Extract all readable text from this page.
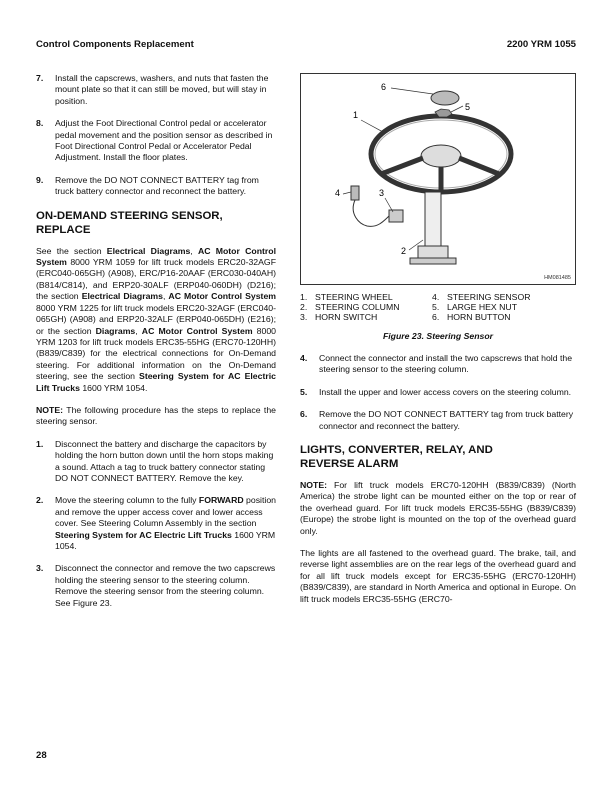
Control Components Replacement	2200 YRM 1055
7. Install the capscrews, washers, and nuts that fasten the mount plate so that it can still be moved, but will stay in position.
8. Adjust the Foot Directional Control pedal or accelerator pedal movement and the position sensor as described in Foot Directional Control Pedal or Accelerator Pedal Adjustment. Install the floor plates.
9. Remove the DO NOT CONNECT BATTERY tag from truck battery connector and reconnect the battery.
ON-DEMAND STEERING SENSOR,
REPLACE

See the section Electrical Diagrams, AC Motor Control System 8000 YRM 1059 for lift truck models ERC20-32AGF (ERC040-065GH) (A908), ERC/P16-20AAF (ERC030-040AH) (B814/C814), and ERP20-30ALF (ERP040-060DH) (D216); the section Electrical Diagrams, AC Motor Control System 8000 YRM 1225 for lift truck models ERC20-32AGF (ERC040-065GH) (A908) and ERP20-32ALF (ERP040-065DH) (E216); or the section Diagrams, AC Motor Control System 8000 YRM 1203 for lift truck models ERC35-55HG (ERC70-120HH) (B839/C839) for the electrical connections for On-Demand steering. For additional information on the On-Demand steering, see the section Steering System for AC Electric Lift Trucks 1600 YRM 1054.

NOTE: The following procedure has the steps to replace the steering sensor.

1. Disconnect the battery and discharge the capacitors by holding the horn button down until the horn stops making a sound. Attach a tag to truck battery connector stating DO NOT CONNECT BATTERY. Remove the key.
2. Move the steering column to the fully FORWARD position and remove the upper access cover and lower access cover. See Steering Column Assembly in the section Steering System for AC Electric Lift Trucks 1600 YRM 1054.
3. Disconnect the connector and remove the two capscrews holding the steering sensor to the steering column. Remove the steering sensor from the steering column. See Figure 23.
1
2
3
4
5
6
HM081485
1. STEERING WHEEL	4. STEERING SENSOR
2. STEERING COLUMN	5. LARGE HEX NUT
3. HORN SWITCH	6. HORN BUTTON
Figure 23. Steering Sensor
4. Connect the connector and install the two capscrews that hold the steering sensor to the steering column.
5. Install the upper and lower access covers on the steering column.
6. Remove the DO NOT CONNECT BATTERY tag from truck battery connector and reconnect the battery.
LIGHTS, CONVERTER, RELAY, AND
REVERSE ALARM

NOTE: For lift truck models ERC70-120HH (B839/C839) (North America) the strobe light can be mounted either on the top or rear of the overhead guard. For lift truck models ERC35-55HG (B839/C839) (Europe) the strobe light is mounted on the top of the overhead guard only.

The lights are all fastened to the overhead guard. The brake, tail, and reverse light assemblies are on the rear legs of the overhead guard and for all lift truck models except for ERC35-55HG (ERC70-120HH) (B839/C839), are standard in North America and optional in Europe. On lift truck models ERC35-55HG (ERC70-

28
